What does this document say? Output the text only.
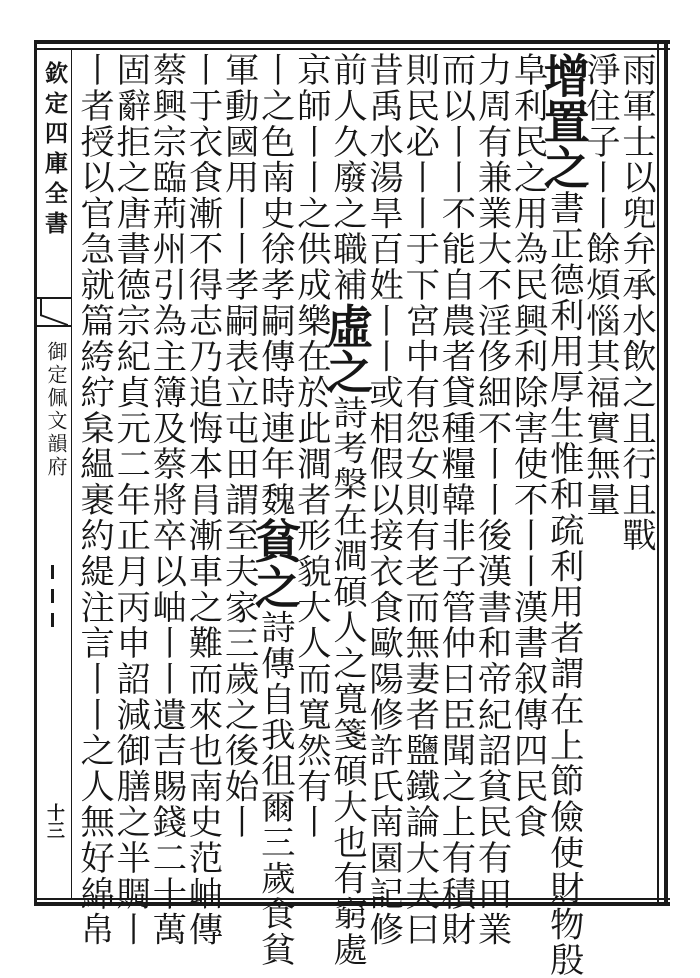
欽定四庫全書
御定佩文韻府
十三
雨軍士以兜弁承水飲之且行且戰
淨住子丨丨餘煩惱其福實無量
增置之書正德利用厚生惟和疏利用者謂在上節儉使財物殷
阜利民之用為民興利除害使不丨丨漢書叙傳四民食
力周有兼業大不淫侈細不丨丨後漢書和帝紀詔貧民有田業
而以丨丨不能自農者貸種糧韓非子管仲曰臣聞之上有積財
則民必丨丨于下宮中有怨女則有老而無妻者鹽鐵論大夫曰
昔禹水湯旱百姓丨丨或相假以接衣食歐陽修許氏南園記修
前人久廢之職補虛之詩考槃在澗碩人之寬箋碩大也有窮處
京師丨丨之供成樂在於此澗者形貌大人而寬然有丨
丨之色南史徐孝嗣傳時連年魏貧之詩傳自我徂爾三歲食貧
軍動國用丨丨孝嗣表立屯田謂至夫家三歲之後始丨
丨于衣食漸不得志乃追悔本肙漸車之難而來也南史范岫傳
蔡興宗臨荊州引為主簿及蔡將卒以岫丨丨遺吉賜錢二十萬
固辭拒之唐書德宗紀貞元二年正月丙申詔減御膳之半賙丨
丨者授以官急就篇絝紵枲緼裹約緹注言丨丨之人無好綿帛
